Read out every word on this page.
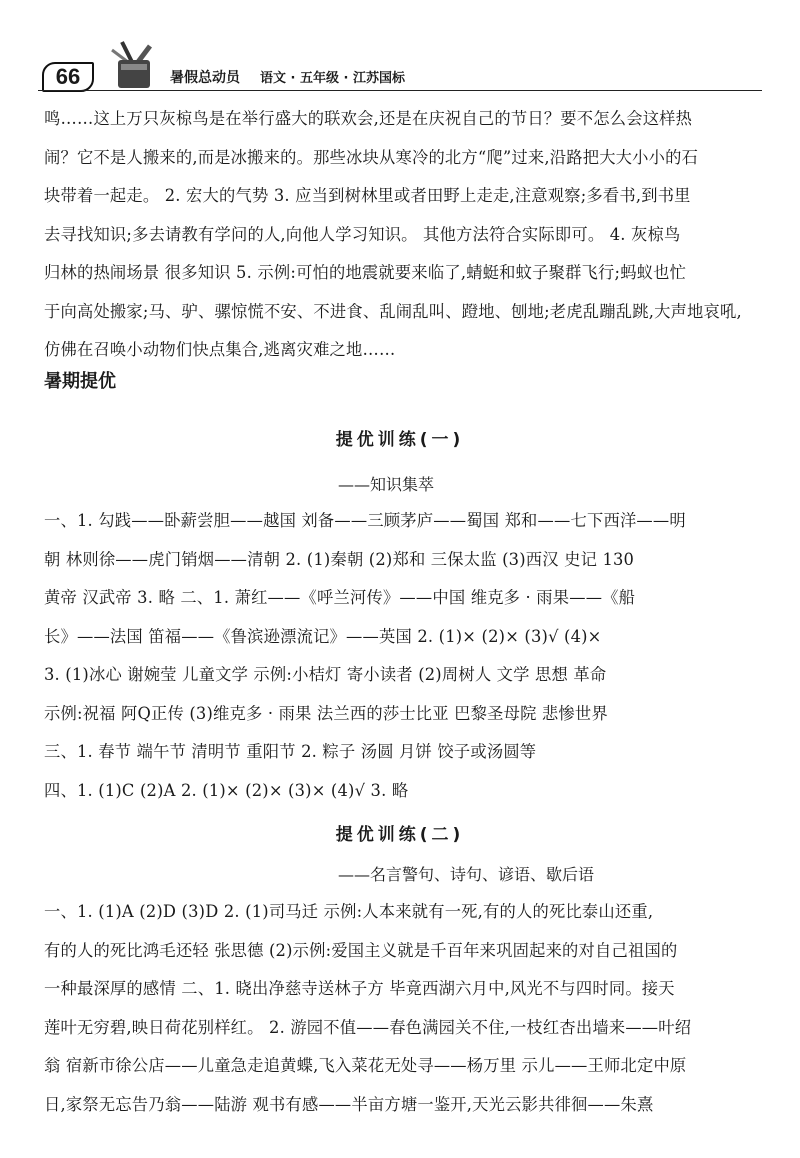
66	暑假总动员 语文 · 五年级 · 江苏国标
鸣……这上万只灰椋鸟是在举行盛大的联欢会,还是在庆祝自己的节日？要不怎么会这样热
闹？它不是人搬来的,而是冰搬来的。那些冰块从寒冷的北方“爬”过来,沿路把大大小小的石
块带着一起走。 2. 宏大的气势 3. 应当到树林里或者田野上走走,注意观察;多看书,到书里
去寻找知识;多去请教有学问的人,向他人学习知识。 其他方法符合实际即可。 4. 灰椋鸟
归林的热闹场景 很多知识 5. 示例:可怕的地震就要来临了,蜻蜓和蚊子聚群飞行;蚂蚁也忙
于向高处搬家;马、驴、骡惊慌不安、不进食、乱闹乱叫、蹬地、刨地;老虎乱蹦乱跳,大声地哀吼,
仿佛在召唤小动物们快点集合,逃离灾难之地……
暑期提优
提优训练(一)
——知识集萃
一、1. 勾践——卧薪尝胆——越国 刘备——三顾茅庐——蜀国 郑和——七下西洋——明
朝 林则徐——虎门销烟——清朝 2. (1)秦朝 (2)郑和 三保太监 (3)西汉 史记 130
黄帝 汉武帝 3. 略 二、1. 萧红——《呼兰河传》——中国 维克多 · 雨果——《船
长》——法国 笛福——《鲁滨逊漂流记》——英国 2. (1)× (2)× (3)√ (4)×
3. (1)冰心 谢婉莹 儿童文学 示例:小桔灯 寄小读者 (2)周树人 文学 思想 革命
示例:祝福 阿Q正传 (3)维克多 · 雨果 法兰西的莎士比亚 巴黎圣母院 悲惨世界
三、1. 春节 端午节 清明节 重阳节 2. 粽子 汤圆 月饼 饺子或汤圆等
四、1. (1)C (2)A 2. (1)× (2)× (3)× (4)√ 3. 略
提优训练(二)
——名言警句、诗句、谚语、歇后语
一、1. (1)A (2)D (3)D 2. (1)司马迁 示例:人本来就有一死,有的人的死比泰山还重,
有的人的死比鸿毛还轻 张思德 (2)示例:爱国主义就是千百年来巩固起来的对自己祖国的
一种最深厚的感情 二、1. 晓出净慈寺送林子方 毕竟西湖六月中,风光不与四时同。接天
莲叶无穷碧,映日荷花别样红。 2. 游园不值——春色满园关不住,一枝红杏出墙来——叶绍
翁 宿新市徐公店——儿童急走追黄蝶,飞入菜花无处寻——杨万里 示儿——王师北定中原
日,家祭无忘告乃翁——陆游 观书有感——半亩方塘一鉴开,天光云影共徘徊——朱熹
